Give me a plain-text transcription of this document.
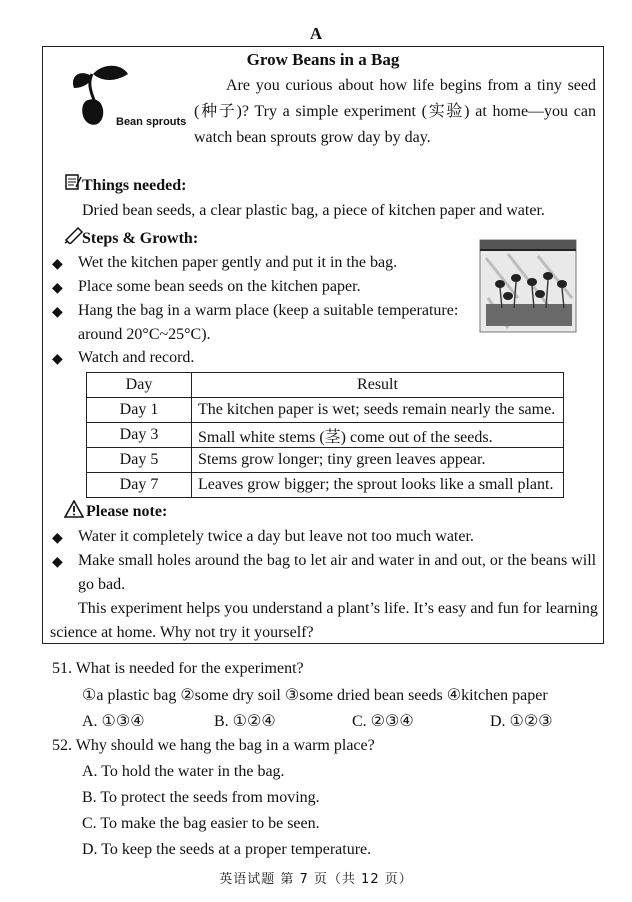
A
Grow Beans in a Bag
Bean sprouts
Are you curious about how life begins from a tiny seed (种子)? Try a simple experiment (实验) at home—you can watch bean sprouts grow day by day.
Things needed:
Dried bean seeds, a clear plastic bag, a piece of kitchen paper and water.
Steps & Growth:
◆ Wet the kitchen paper gently and put it in the bag.
◆ Place some bean seeds on the kitchen paper.
◆ Hang the bag in a warm place (keep a suitable temperature:
around 20°C~25°C).
◆ Watch and record.
Day	Result
Day 1	The kitchen paper is wet; seeds remain nearly the same.
Day 3	Small white stems (茎) come out of the seeds.
Day 5	Stems grow longer; tiny green leaves appear.
Day 7	Leaves grow bigger; the sprout looks like a small plant.
Please note:
◆ Water it completely twice a day but leave not too much water.
◆ Make small holes around the bag to let air and water in and out, or the beans will
go bad.
This experiment helps you understand a plant’s life. It’s easy and fun for learning
science at home. Why not try it yourself?
51. What is needed for the experiment?
①a plastic bag ②some dry soil ③some dried bean seeds ④kitchen paper
A. ①③④	B. ①②④	C. ②③④	D. ①②③
52. Why should we hang the bag in a warm place?
A. To hold the water in the bag.
B. To protect the seeds from moving.
C. To make the bag easier to be seen.
D. To keep the seeds at a proper temperature.
英语试题 第 7 页（共 12 页）
